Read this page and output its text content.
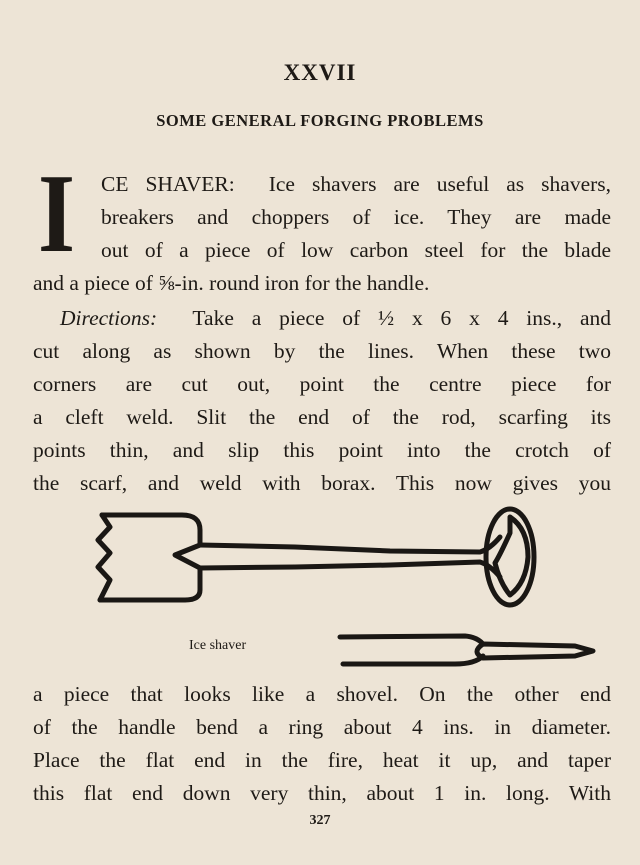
XXVII
SOME GENERAL FORGING PROBLEMS
I CE SHAVER: Ice shavers are useful as shavers,
breakers and choppers of ice. They are made
out of a piece of low carbon steel for the blade
and a piece of ⅝-in. round iron for the handle.
Directions: Take a piece of ½ x 6 x 4 ins., and
cut along as shown by the lines. When these two
corners are cut out, point the centre piece for
a cleft weld. Slit the end of the rod, scarfing its
points thin, and slip this point into the crotch of
the scarf, and weld with borax. This now gives you
Ice shaver
a piece that looks like a shovel. On the other end
of the handle bend a ring about 4 ins. in diameter.
Place the flat end in the fire, heat it up, and taper
this flat end down very thin, about 1 in. long. With
327
